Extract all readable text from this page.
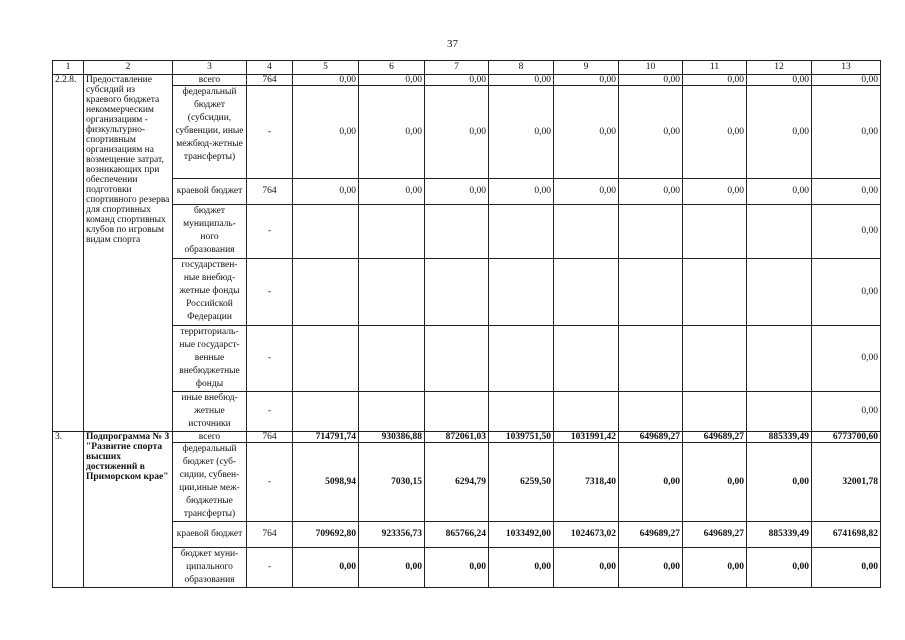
37
1	2	3	4	5	6	7	8	9	10	11	12	13
2.2.8.	Предоставление субсидий из краевого бюджета некоммерческим организациям - физкультурно-спортивным организациям на возмещение затрат, возникающих при обеспечении подготовки спортивного резерва для спортивных команд спортивных клубов по игровым видам спорта	всего	764	0,00	0,00	0,00	0,00	0,00	0,00	0,00	0,00	0,00
		федеральный бюджет (субсидии, субвенции, иные межбюд-жетные трансферты)	-	0,00	0,00	0,00	0,00	0,00	0,00	0,00	0,00	0,00
		краевой бюджет	764	0,00	0,00	0,00	0,00	0,00	0,00	0,00	0,00	0,00
		бюджет муниципаль-ного образования	-									0,00
		государствен-ные внебюд-жетные фонды Российской Федерации	-									0,00
		территориаль-ные государст-венные внебюджетные фонды	-									0,00
		иные внебюд-жетные источники	-									0,00
3.	Подпрограмма № 3 "Развитие спорта высших достижений в Приморском крае"	всего	764	714791,74	930386,88	872061,03	1039751,50	1031991,42	649689,27	649689,27	885339,49	6773700,60
		федеральный бюджет (суб-сидии, субвен-ции,иные меж-бюджетные трансферты)	-	5098,94	7030,15	6294,79	6259,50	7318,40	0,00	0,00	0,00	32001,78
		краевой бюджет	764	709692,80	923356,73	865766,24	1033492,00	1024673,02	649689,27	649689,27	885339,49	6741698,82
		бюджет муни-ципального образования	-	0,00	0,00	0,00	0,00	0,00	0,00	0,00	0,00	0,00
